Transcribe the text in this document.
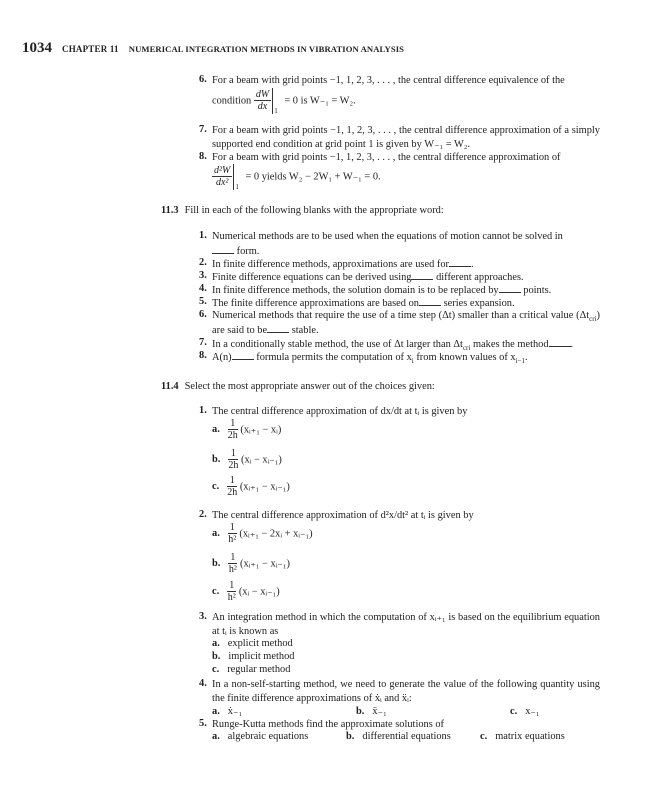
1034 CHAPTER 11 NUMERICAL INTEGRATION METHODS IN VIBRATION ANALYSIS
6. For a beam with grid points −1, 1, 2, 3, . . . , the central difference equivalence of the
condition $\frac{dW}{dx} _1 = 0$ is W₋₁ = W₂.
7. For a beam with grid points −1, 1, 2, 3, . . . , the central difference approximation of a simply supported end condition at grid point 1 is given by W₋₁ = W₂.
8. For a beam with grid points −1, 1, 2, 3, . . . , the central difference approximation of
$\frac{\text{d²W}}{\text{dx²}} _1 = 0$ yields W₂ − 2W₁ + W₋₁ = 0.
11.3 Fill in each of the following blanks with the appropriate word:
1. Numerical methods are to be used when the equations of motion cannot be solved in
form.
2. In finite difference methods, approximations are used for .
3. Finite difference equations can be derived using different approaches.
4. In finite difference methods, the solution domain is to be replaced by points.
5. The finite difference approximations are based on series expansion.
6. Numerical methods that require the use of a time step (Δt) smaller than a critical value $(\Delta t_{cri})$ are said to be stable.
7. In a conditionally stable method, the use of Δt larger than $\Delta t_{cri}$ makes the method .
8. A(n) formula permits the computation of $x_i$ from known values of $x_{i-1}$.
11.4 Select the most appropriate answer out of the choices given:
1. The central difference approximation of dx/dt at tᵢ is given by
a. $\frac{1}{2h}$ (xᵢ₊₁ − xᵢ)
b. $\frac{1}{2h}$ (xᵢ − xᵢ₋₁)
c. $\frac{1}{2h}$ (xᵢ₊₁ − xᵢ₋₁)
2. The central difference approximation of d²x/dt² at tᵢ is given by
a. $\frac{1}{\text{h²}}$ (xᵢ₊₁ − 2xᵢ + xᵢ₋₁)
b. $\frac{1}{\text{h²}}$ (xᵢ₊₁ − xᵢ₋₁)
c. $\frac{1}{\text{h²}}$ (xᵢ − xᵢ₋₁)
3. An integration method in which the computation of xᵢ₊₁ is based on the equilibrium equation at tᵢ is known as
a. explicit method
b. implicit method
c. regular method
4. In a non-self-starting method, we need to generate the value of the following quantity using the finite difference approximations of ẋᵢ and ẍᵢ:
a. ẋ₋₁	b. ẍ₋₁	c. x₋₁
5. Runge-Kutta methods find the approximate solutions of
a. algebraic equations	b. differential equations	c. matrix equations
